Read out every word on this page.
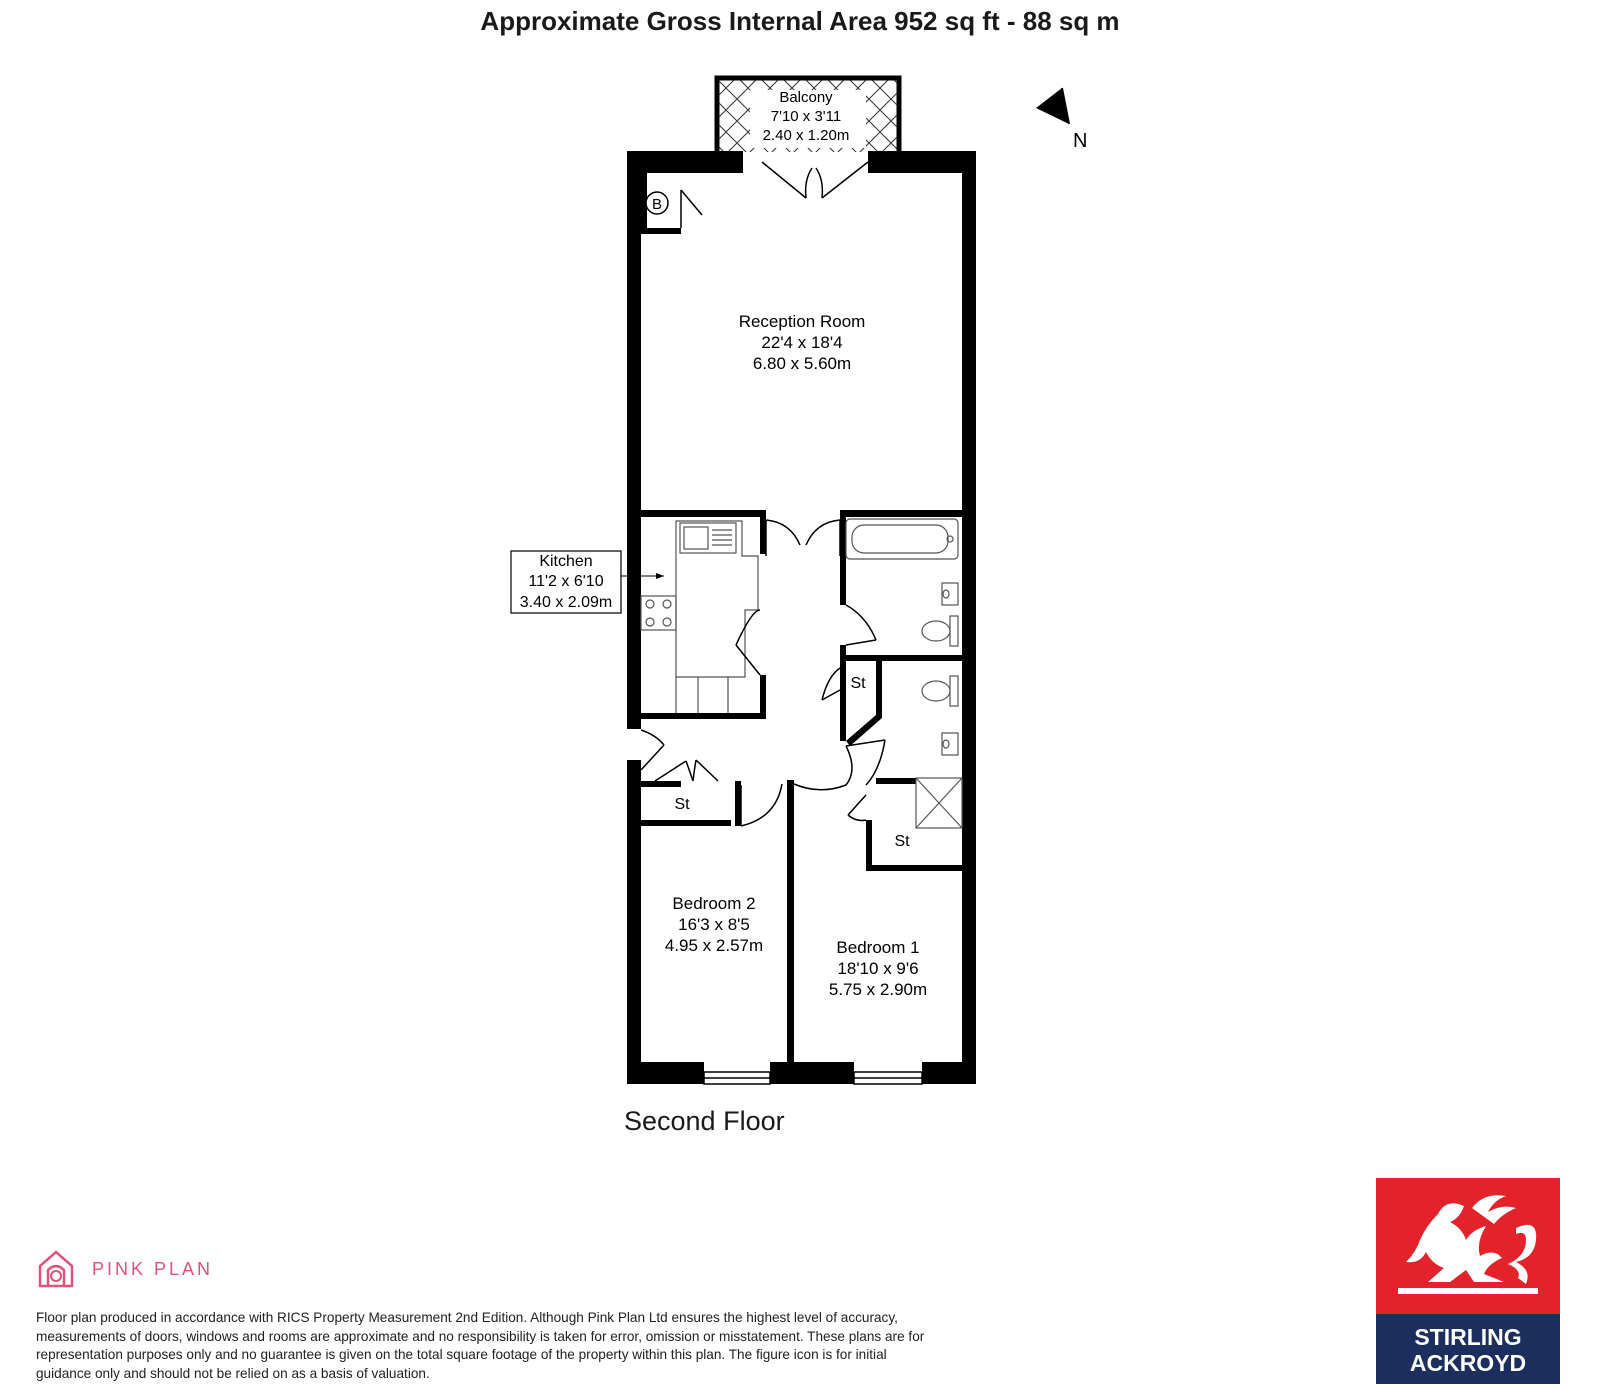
Approximate Gross Internal Area 952 sq ft - 88 sq m
Balcony
7'10 x 3'11
2.40 x 1.20m	N
B
Reception Room
22'4 x 18'4
6.80 x 5.60m
Kitchen
11'2 x 6'10
3.40 x 2.09m
St
St
St
Bedroom 2
16'3 x 8'5
4.95 x 2.57m	Bedroom 1
18'10 x 9'6
5.75 x 2.90m
Second Floor
PINK PLAN
Floor plan produced in accordance with RICS Property Measurement 2nd Edition. Although Pink Plan Ltd ensures the highest level of accuracy, measurements of doors, windows and rooms are approximate and no responsibility is taken for error, omission or misstatement. These plans are for representation purposes only and no guarantee is given on the total square footage of the property within this plan. The figure icon is for initial guidance only and should not be relied on as a basis of valuation.
STIRLING
ACKROYD
